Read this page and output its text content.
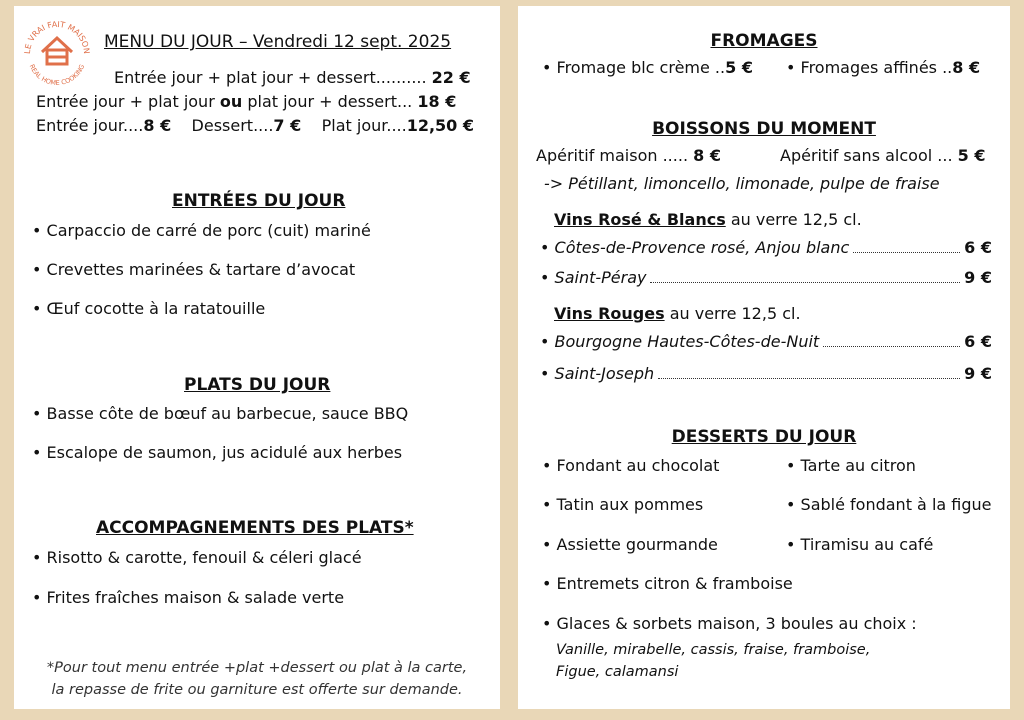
LE VRAI FAIT MAISON
REAL HOME COOKING
MENU DU JOUR – Vendredi 12 sept. 2025
Entrée jour + plat jour + dessert.......... 22 €
Entrée jour + plat jour ou plat jour + dessert... 18 €
Entrée jour....8 € Dessert....7 € Plat jour....12,50 €
ENTRÉES DU JOUR
• Carpaccio de carré de porc (cuit) mariné
• Crevettes marinées & tartare d’avocat
• Œuf cocotte à la ratatouille
PLATS DU JOUR
• Basse côte de bœuf au barbecue, sauce BBQ
• Escalope de saumon, jus acidulé aux herbes
ACCOMPAGNEMENTS DES PLATS*
• Risotto & carotte, fenouil & céleri glacé
• Frites fraîches maison & salade verte
*Pour tout menu entrée +plat +dessert ou plat à la carte,
la repasse de frite ou garniture est offerte sur demande.
FROMAGES
• Fromage blc crème ..5 €
•	Fromages affinés ..8 €
BOISSONS DU MOMENT
Apéritif maison ..... 8 €	Apéritif sans alcool ... 5 €
-> Pétillant, limoncello, limonade, pulpe de fraise
Vins Rosé & Blancs au verre 12,5 cl.
• Côtes-de-Provence rosé, Anjou blanc	6 €
• Saint-Péray	9 €
Vins Rouges au verre 12,5 cl.
• Bourgogne Hautes-Côtes-de-Nuit	6 €
• Saint-Joseph	9 €
DESSERTS DU JOUR
• Fondant au chocolat
• Tatin aux pommes
• Assiette gourmande
• Tarte au citron
• Sablé fondant à la figue
• Tiramisu au café
• Entremets citron & framboise
• Glaces & sorbets maison, 3 boules au choix :
Vanille, mirabelle, cassis, fraise, framboise,
Figue, calamansi
